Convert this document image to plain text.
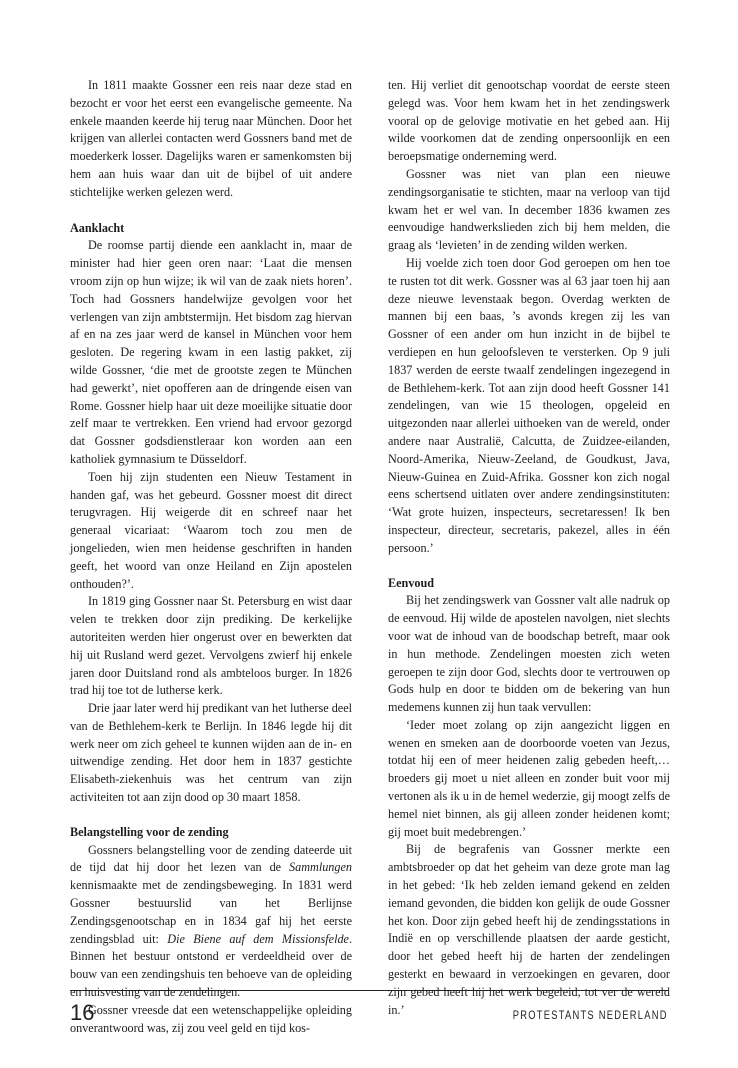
In 1811 maakte Gossner een reis naar deze stad en bezocht er voor het eerst een evangelische gemeente. Na enkele maanden keerde hij terug naar München. Door het krijgen van allerlei contacten werd Gossners band met de moederkerk losser. Dagelijks waren er samenkomsten bij hem aan huis waar dan uit de bijbel of uit andere stichtelijke werken gelezen werd.

Aanklacht

De roomse partij diende een aanklacht in, maar de minister had hier geen oren naar: ‘Laat die mensen vroom zijn op hun wijze; ik wil van de zaak niets horen’. Toch had Gossners handelwijze gevolgen voor het verlengen van zijn ambtstermijn. Het bisdom zag hiervan af en na zes jaar werd de kansel in München voor hem gesloten. De regering kwam in een lastig pakket, zij wilde Gossner, ‘die met de grootste zegen te München had gewerkt’, niet opofferen aan de dringende eisen van Rome. Gossner hielp haar uit deze moeilijke situatie door zelf maar te vertrekken. Een vriend had ervoor gezorgd dat Gossner godsdienstleraar kon worden aan een katholiek gymnasium te Düsseldorf.

Toen hij zijn studenten een Nieuw Testament in handen gaf, was het gebeurd. Gossner moest dit direct terugvragen. Hij weigerde dit en schreef naar het generaal vicariaat: ‘Waarom toch zou men de jongelieden, wien men heidense geschriften in handen geeft, het woord van onze Heiland en Zijn apostelen onthouden?’.

In 1819 ging Gossner naar St. Petersburg en wist daar velen te trekken door zijn prediking. De kerkelijke autoriteiten werden hier ongerust over en bewerkten dat hij uit Rusland werd gezet. Vervolgens zwierf hij enkele jaren door Duitsland rond als ambteloos burger. In 1826 trad hij toe tot de lutherse kerk.

Drie jaar later werd hij predikant van het lutherse deel van de Bethlehem-kerk te Berlijn. In 1846 legde hij dit werk neer om zich geheel te kunnen wijden aan de in- en uitwendige zending. Het door hem in 1837 gestichte Elisabeth-ziekenhuis was het centrum van zijn activiteiten tot aan zijn dood op 30 maart 1858.

Belangstelling voor de zending

Gossners belangstelling voor de zending dateerde uit de tijd dat hij door het lezen van de Sammlungen kennismaakte met de zendingsbeweging. In 1831 werd Gossner bestuurslid van het Berlijnse Zendingsgenootschap en in 1834 gaf hij het eerste zendingsblad uit: Die Biene auf dem Missionsfelde. Binnen het bestuur ontstond er verdeeldheid over de bouw van een zendingshuis ten behoeve van de opleiding en huisvesting van de zendelingen.

Gossner vreesde dat een wetenschappelijke opleiding onverantwoord was, zij zou veel geld en tijd kos-

ten. Hij verliet dit genootschap voordat de eerste steen gelegd was. Voor hem kwam het in het zendingswerk vooral op de gelovige motivatie en het gebed aan. Hij wilde voorkomen dat de zending onpersoonlijk en een beroepsmatige onderneming werd.

Gossner was niet van plan een nieuwe zendingsorganisatie te stichten, maar na verloop van tijd kwam het er wel van. In december 1836 kwamen zes eenvoudige handwerkslieden zich bij hem melden, die graag als ‘levieten’ in de zending wilden werken.

Hij voelde zich toen door God geroepen om hen toe te rusten tot dit werk. Gossner was al 63 jaar toen hij aan deze nieuwe levenstaak begon. Overdag werkten de mannen bij een baas, ’s avonds kregen zij les van Gossner of een ander om hun inzicht in de bijbel te verdiepen en hun geloofsleven te versterken. Op 9 juli 1837 werden de eerste twaalf zendelingen ingezegend in de Bethlehem-kerk. Tot aan zijn dood heeft Gossner 141 zendelingen, van wie 15 theologen, opgeleid en uitgezonden naar allerlei uithoeken van de wereld, onder andere naar Australië, Calcutta, de Zuidzee-eilanden, Noord-Amerika, Nieuw-Zeeland, de Goudkust, Java, Nieuw-Guinea en Zuid-Afrika. Gossner kon zich nogal eens schertsend uitlaten over andere zendingsinstituten: ‘Wat grote huizen, inspecteurs, secretaressen! Ik ben inspecteur, directeur, secretaris, pakezel, alles in één persoon.’

Eenvoud

Bij het zendingswerk van Gossner valt alle nadruk op de eenvoud. Hij wilde de apostelen navolgen, niet slechts voor wat de inhoud van de boodschap betreft, maar ook in hun methode. Zendelingen moesten zich weten geroepen te zijn door God, slechts door te vertrouwen op Gods hulp en door te bidden om de bekering van hun medemens kunnen zij hun taak vervullen:

‘Ieder moet zolang op zijn aangezicht liggen en wenen en smeken aan de doorboorde voeten van Jezus, totdat hij een of meer heidenen zalig gebeden heeft,… broeders gij moet u niet alleen en zonder buit voor mij vertonen als ik u in de hemel wederzie, gij moogt zelfs de hemel niet binnen, als gij alleen zonder heidenen komt; gij moet buit medebrengen.’

Bij de begrafenis van Gossner merkte een ambtsbroeder op dat het geheim van deze grote man lag in het gebed: ‘Ik heb zelden iemand gekend en zelden iemand gevonden, die bidden kon gelijk de oude Gossner het kon. Door zijn gebed heeft hij de zendingsstations in Indië en op verschillende plaatsen der aarde gesticht, door het gebed heeft hij de harten der zendelingen gesterkt en bewaard in verzoekingen en gevaren, door zijn gebed heeft hij het werk begeleid, tot ver de wereld in.’

16	PROTESTANTS NEDERLAND
